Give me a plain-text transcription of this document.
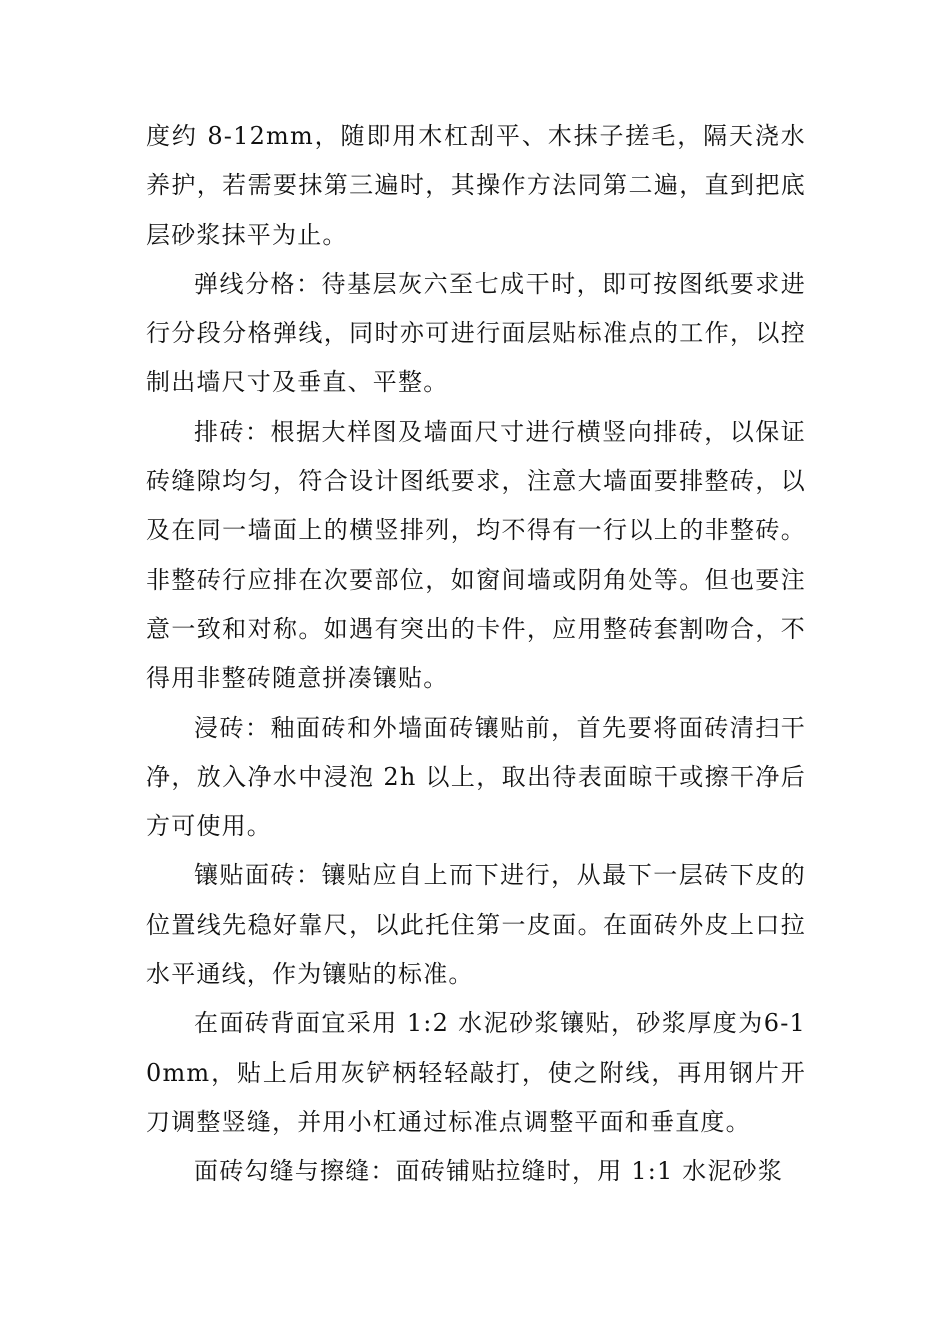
度约 8-12mm，随即用木杠刮平、木抹子搓毛，隔天浇水养护，若需要抹第三遍时，其操作方法同第二遍，直到把底层砂浆抹平为止。

弹线分格：待基层灰六至七成干时，即可按图纸要求进行分段分格弹线，同时亦可进行面层贴标准点的工作，以控制出墙尺寸及垂直、平整。

排砖：根据大样图及墙面尺寸进行横竖向排砖，以保证砖缝隙均匀，符合设计图纸要求，注意大墙面要排整砖，以及在同一墙面上的横竖排列，均不得有一行以上的非整砖。非整砖行应排在次要部位，如窗间墙或阴角处等。但也要注意一致和对称。如遇有突出的卡件，应用整砖套割吻合，不得用非整砖随意拼凑镶贴。

浸砖：釉面砖和外墙面砖镶贴前，首先要将面砖清扫干净，放入净水中浸泡 2h 以上，取出待表面晾干或擦干净后方可使用。

镶贴面砖：镶贴应自上而下进行，从最下一层砖下皮的位置线先稳好靠尺，以此托住第一皮面。在面砖外皮上口拉水平通线，作为镶贴的标准。

在面砖背面宜采用 1:2 水泥砂浆镶贴，砂浆厚度为6-10mm，贴上后用灰铲柄轻轻敲打，使之附线，再用钢片开刀调整竖缝，并用小杠通过标准点调整平面和垂直度。

面砖勾缝与擦缝：面砖铺贴拉缝时，用 1:1 水泥砂浆
